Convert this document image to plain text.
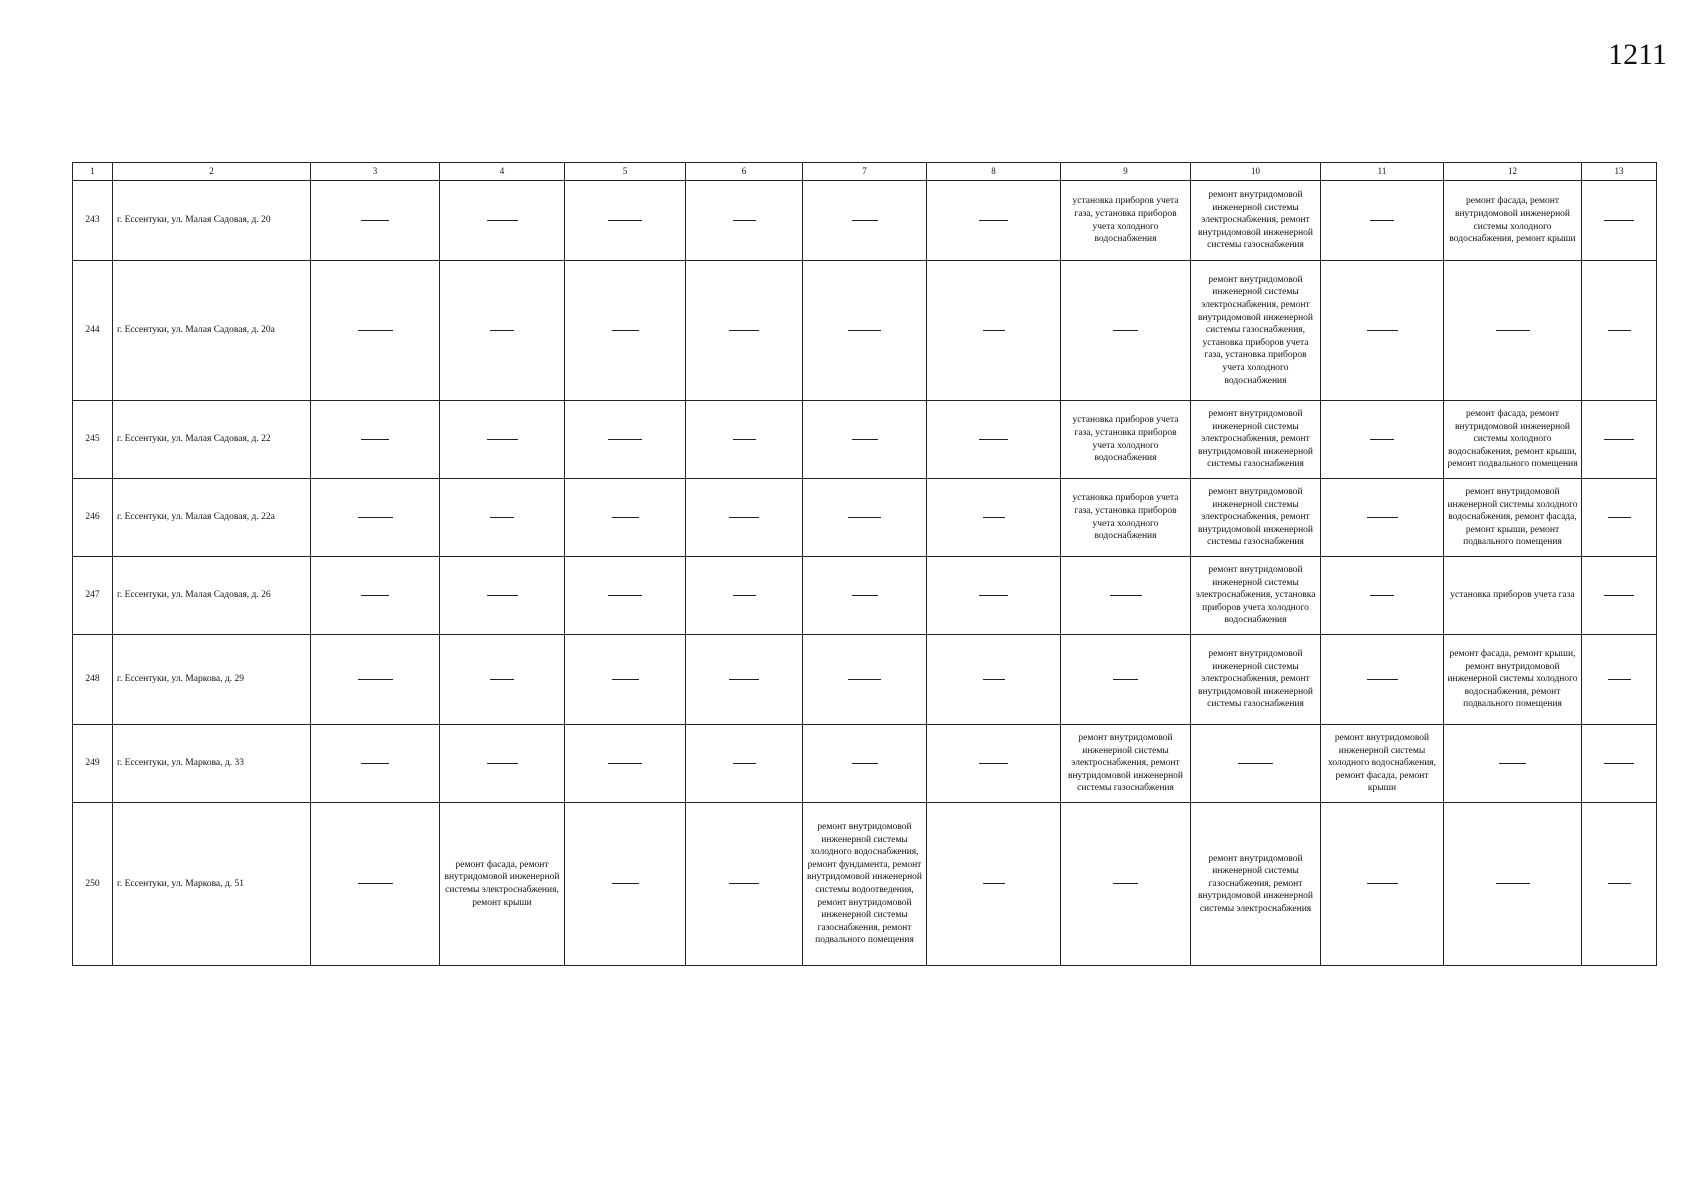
1211
1	2	3	4	5	6	7	8	9	10	11	12	13
243	г. Ессентуки, ул. Малая Садовая, д. 20							установка приборов учета газа, установка приборов учета холодного водоснабжения	ремонт внутридомовой инженерной системы электроснабжения, ремонт внутридомовой инженерной системы газоснабжения		ремонт фасада, ремонт внутридомовой инженерной системы холодного водоснабжения, ремонт крыши	
244	г. Ессентуки, ул. Малая Садовая, д. 20а								ремонт внутридомовой инженерной системы электроснабжения, ремонт внутридомовой инженерной системы газоснабжения, установка приборов учета газа, установка приборов учета холодного водоснабжения			
245	г. Ессентуки, ул. Малая Садовая, д. 22							установка приборов учета газа, установка приборов учета холодного водоснабжения	ремонт внутридомовой инженерной системы электроснабжения, ремонт внутридомовой инженерной системы газоснабжения		ремонт фасада, ремонт внутридомовой инженерной системы холодного водоснабжения, ремонт крыши, ремонт подвального помещения	
246	г. Ессентуки, ул. Малая Садовая, д. 22а							установка приборов учета газа, установка приборов учета холодного водоснабжения	ремонт внутридомовой инженерной системы электроснабжения, ремонт внутридомовой инженерной системы газоснабжения		ремонт внутридомовой инженерной системы холодного водоснабжения, ремонт фасада, ремонт крыши, ремонт подвального помещения	
247	г. Ессентуки, ул. Малая Садовая, д. 26								ремонт внутридомовой инженерной системы электроснабжения, установка приборов учета холодного водоснабжения		установка приборов учета газа	
248	г. Ессентуки, ул. Маркова, д. 29								ремонт внутридомовой инженерной системы электроснабжения, ремонт внутридомовой инженерной системы газоснабжения		ремонт фасада, ремонт крыши, ремонт внутридомовой инженерной системы холодного водоснабжения, ремонт подвального помещения	
249	г. Ессентуки, ул. Маркова, д. 33							ремонт внутридомовой инженерной системы электроснабжения, ремонт внутридомовой инженерной системы газоснабжения		ремонт внутридомовой инженерной системы холодного водоснабжения, ремонт фасада, ремонт крыши		
250	г. Ессентуки, ул. Маркова, д. 51		ремонт фасада, ремонт внутридомовой инженерной системы электроснабжения, ремонт крыши			ремонт внутридомовой инженерной системы холодного водоснабжения, ремонт фундамента, ремонт внутридомовой инженерной системы водоотведения, ремонт внутридомовой инженерной системы газоснабжения, ремонт подвального помещения			ремонт внутридомовой инженерной системы газоснабжения, ремонт внутридомовой инженерной системы электроснабжения			
